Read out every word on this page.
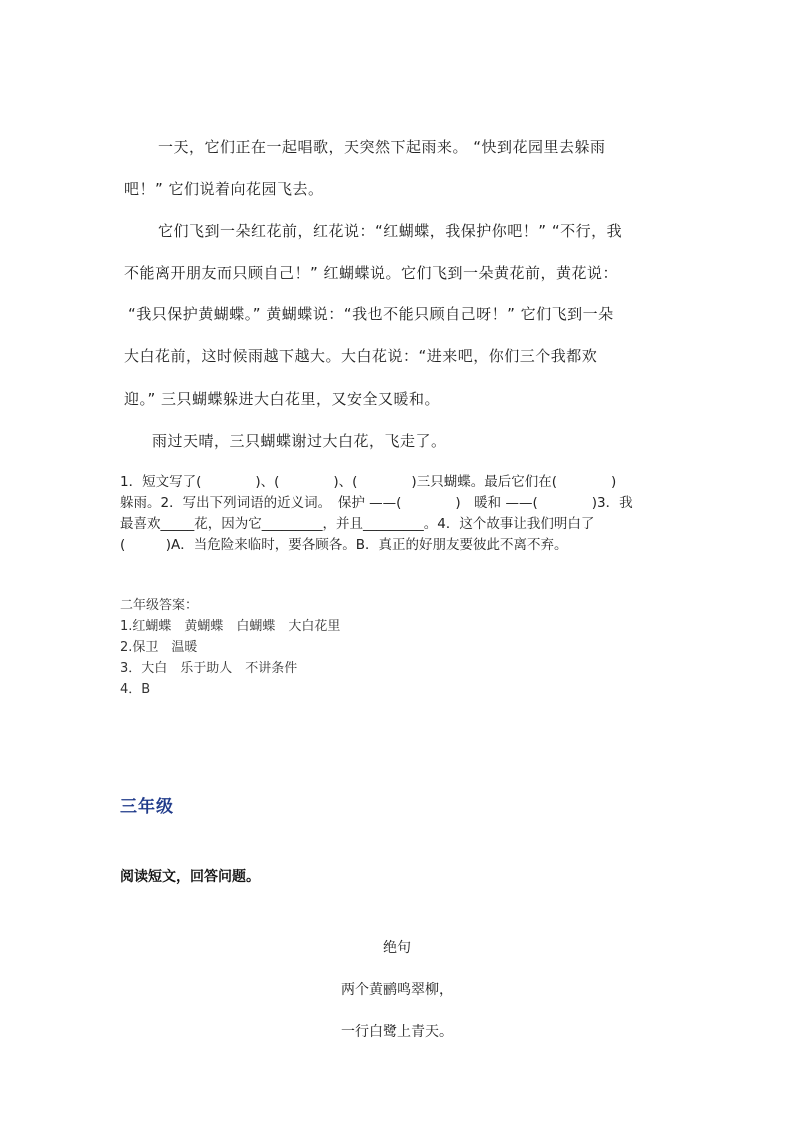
一天，它们正在一起唱歌，天突然下起雨来。 “快到花园里去躲雨
吧！” 它们说着向花园飞去。
它们飞到一朵红花前，红花说：“红蝴蝶，我保护你吧！” “不行，我
不能离开朋友而只顾自己！” 红蝴蝶说。它们飞到一朵黄花前，黄花说：
“我只保护黄蝴蝶。” 黄蝴蝶说：“我也不能只顾自己呀！” 它们飞到一朵
大白花前，这时候雨越下越大。大白花说：“进来吧，你们三个我都欢
迎。” 三只蝴蝶躲进大白花里，又安全又暖和。
雨过天晴，三只蝴蝶谢过大白花，飞走了。
1．短文写了(　　　　)、(　　　　)、(　　　　)三只蝴蝶。最后它们在(　　　　)
躲雨。2．写出下列词语的近义词。　保护 ——(　　　　)　暖和 ——(　　　　)3．我
最喜欢_____花，因为它_________，并且_________。4．这个故事让我们明白了
(　　　)A．当危险来临时，要各顾各。B．真正的好朋友要彼此不离不弃。
二年级答案：
1.红蝴蝶　黄蝴蝶　白蝴蝶　大白花里
2.保卫　温暖
3．大白　乐于助人　不讲条件
4．B
三年级
阅读短文，回答问题。
绝句
两个黄鹂鸣翠柳，
一行白鹭上青天。
